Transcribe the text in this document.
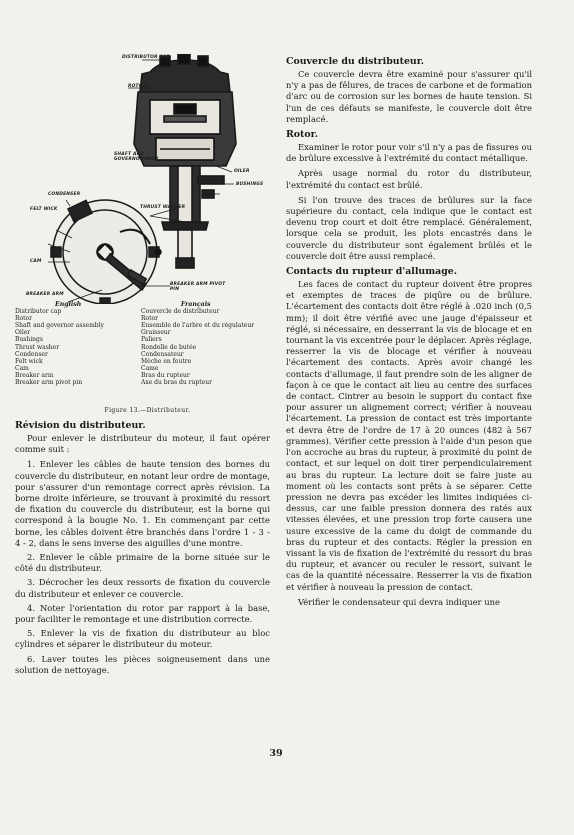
DISTRIBUTOR CAP
ROTOR
SHAFT AND GOVERNOR ASSY
OILER
BUSHINGS
THRUST WASHER
CONDENSER
FELT WICK
CAM
BREAKER ARM
BREAKER ARM PIVOT PIN
English	Français
Distributor cap	Couvercle de distributeur
Rotor	Rotor
Shaft and governor assembly	Ensemble de l'arbre et du régulateur
Oiler	Graisseur
Bushings	Paliers
Thrust washer	Rondelle de butée
Condenser	Condensateur
Felt wick	Mèche en feutre
Cam	Came
Breaker arm	Bras du rupteur
Breaker arm pivot pin	Axe du bras du rupteur
Figure 13.—Distributeur.
Révision du distributeur.

Pour enlever le distributeur du moteur, il faut opérer comme suit :

1. Enlever les câbles de haute tension des bornes du couvercle du distributeur, en notant leur ordre de montage, pour s'assurer d'un remontage correct après révision. La borne droite inférieure, se trouvant à proximité du ressort de fixation du couvercle du distributeur, est la borne qui correspond à la bougie No. 1. En commençant par cette borne, les câbles doivent être branchés dans l'ordre 1 - 3 - 4 - 2, dans le sens inverse des aiguilles d'une montre.
2. Enlever le câble primaire de la borne située sur le côté du distributeur.
3. Décrocher les deux ressorts de fixation du couvercle du distributeur et enlever ce couvercle.
4. Noter l'orientation du rotor par rapport à la base, pour faciliter le remontage et une distribution correcte.
5. Enlever la vis de fixation du distributeur au bloc cylindres et séparer le distributeur du moteur.
6. Laver toutes les pièces soigneusement dans une solution de nettoyage.
Couvercle du distributeur.

Ce couvercle devra être examiné pour s'assurer qu'il n'y a pas de fêlures, de traces de carbone et de formation d'arc ou de corrosion sur les bornes de haute tension. Si l'un de ces défauts se manifeste, le couvercle doit être remplacé.

Rotor.

Examiner le rotor pour voir s'il n'y a pas de fissures ou de brûlure excessive à l'extrémité du contact métallique.

Après usage normal du rotor du distributeur, l'extrémité du contact est brûlé.

Si l'on trouve des traces de brûlures sur la face supérieure du contact, cela indique que le contact est devenu trop court et doit être remplacé. Généralement, lorsque cela se produit, les plots encastrés dans le couvercle du distributeur sont également brûlés et le couvercle doit être aussi remplacé.

Contacts du rupteur d'allumage.

Les faces de contact du rupteur doivent être propres et exemptes de traces de piqûre ou de brûlure. L'écartement des contacts doit être réglé à .020 inch (0,5 mm); il doit être vérifié avec une jauge d'épaisseur et réglé, si nécessaire, en desserrant la vis de blocage et en tournant la vis excentrée pour le déplacer. Après réglage, resserrer la vis de blocage et vérifier à nouveau l'écartement des contacts. Après avoir changé les contacts d'allumage, il faut prendre soin de les aligner de façon à ce que le contact ait lieu au centre des surfaces de contact. Cintrer au besoin le support du contact fixe pour assurer un alignement correct; vérifier à nouveau l'écartement. La pression de contact est très importante et devra être de l'ordre de 17 à 20 ounces (482 à 567 grammes). Vérifier cette pression à l'aide d'un peson que l'on accroche au bras du rupteur, à proximité du point de contact, et sur lequel on doit tirer perpendiculairement au bras du rupteur. La lecture doit se faire juste au moment où les contacts sont prêts à se séparer. Cette pression ne devra pas excéder les limites indiquées ci-dessus, car une faible pression donnera des ratés aux vitesses élevées, et une pression trop forte causera une usure excessive de la came du doigt de commande du bras du rupteur et des contacts. Régler la pression en vissant la vis de fixation de l'extrémité du ressort du bras du rupteur, et avancer ou reculer le ressort, suivant le cas de la quantité nécessaire. Resserrer la vis de fixation et vérifier à nouveau la pression de contact.

Vérifier le condensateur qui devra indiquer une

39
